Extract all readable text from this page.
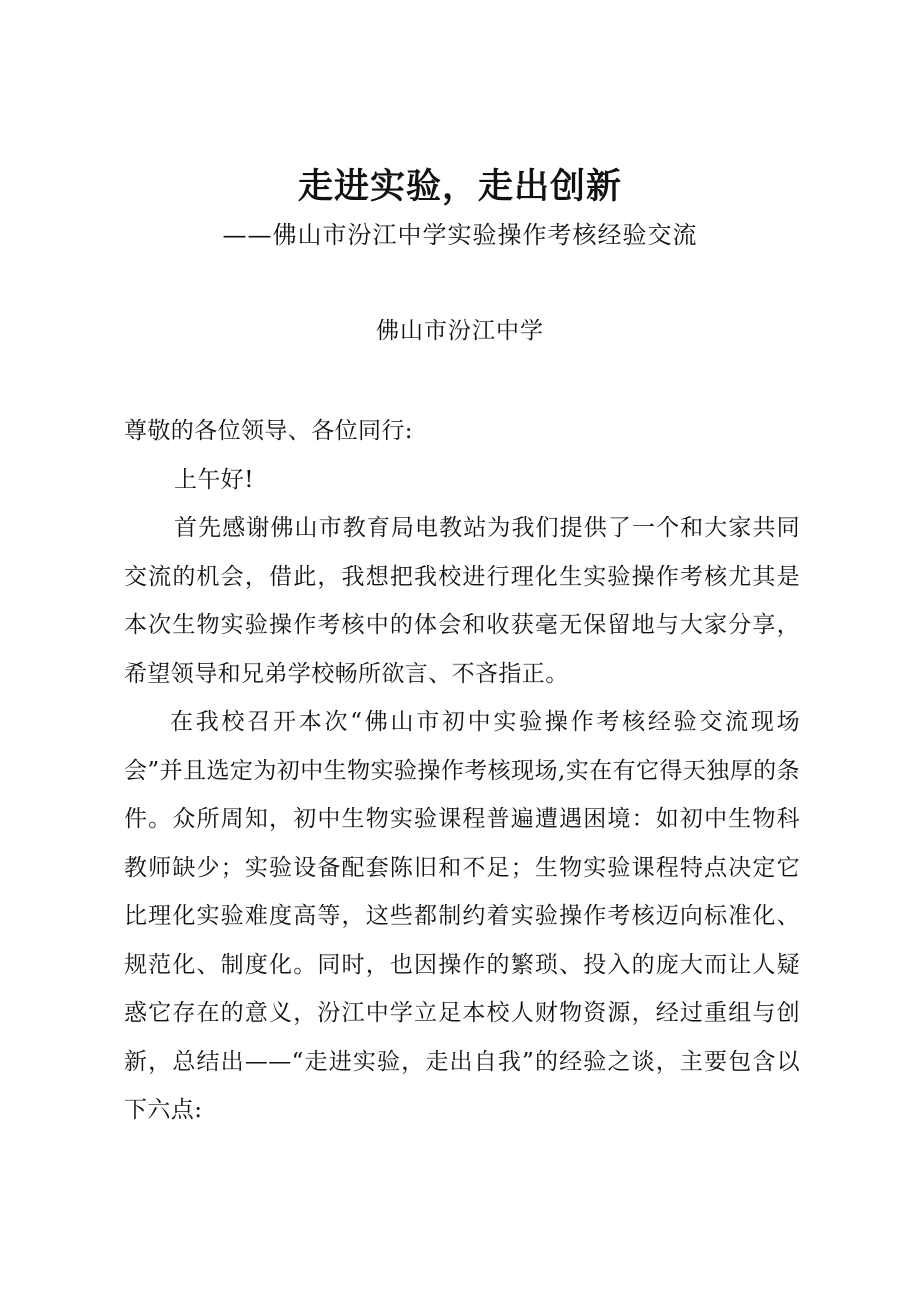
走进实验，走出创新
——佛山市汾江中学实验操作考核经验交流
佛山市汾江中学

尊敬的各位领导、各位同行:

上午好!

首先感谢佛山市教育局电教站为我们提供了一个和大家共同交流的机会，借此，我想把我校进行理化生实验操作考核尤其是本次生物实验操作考核中的体会和收获毫无保留地与大家分享，希望领导和兄弟学校畅所欲言、不吝指正。

在我校召开本次“佛山市初中实验操作考核经验交流现场会”并且选定为初中生物实验操作考核现场,实在有它得天独厚的条件。众所周知，初中生物实验课程普遍遭遇困境：如初中生物科教师缺少；实验设备配套陈旧和不足；生物实验课程特点决定它比理化实验难度高等，这些都制约着实验操作考核迈向标准化、规范化、制度化。同时，也因操作的繁琐、投入的庞大而让人疑惑它存在的意义，汾江中学立足本校人财物资源，经过重组与创新，总结出——“走进实验，走出自我”的经验之谈，主要包含以下六点:
